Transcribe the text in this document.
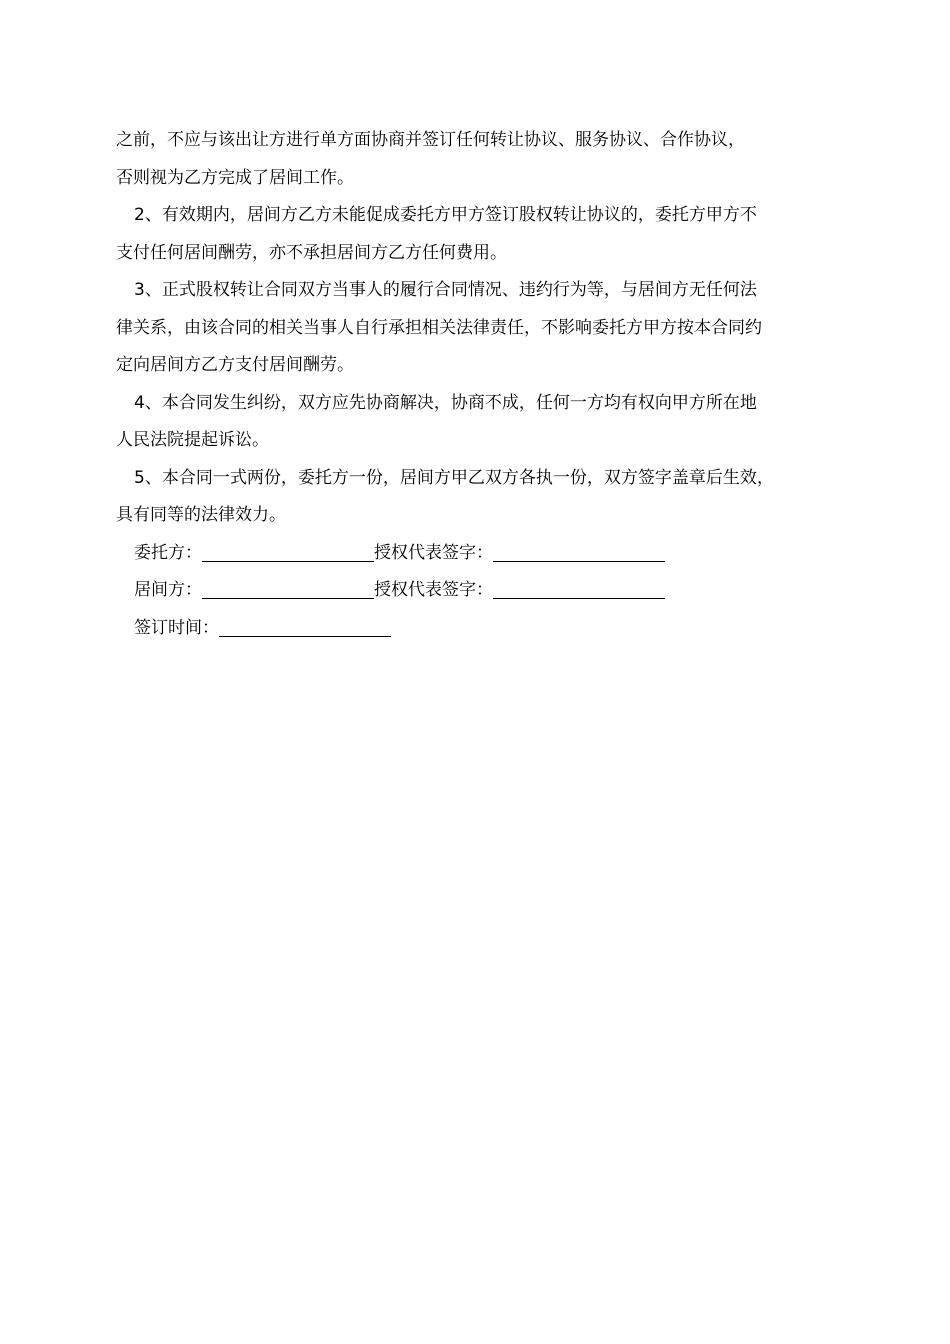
之前，不应与该出让方进行单方面协商并签订任何转让协议、服务协议、合作协议，
否则视为乙方完成了居间工作。
2、有效期内，居间方乙方未能促成委托方甲方签订股权转让协议的，委托方甲方不
支付任何居间酬劳，亦不承担居间方乙方任何费用。
3、正式股权转让合同双方当事人的履行合同情况、违约行为等，与居间方无任何法
律关系，由该合同的相关当事人自行承担相关法律责任，不影响委托方甲方按本合同约
定向居间方乙方支付居间酬劳。
4、本合同发生纠纷，双方应先协商解决，协商不成，任何一方均有权向甲方所在地
人民法院提起诉讼。
5、本合同一式两份，委托方一份，居间方甲乙双方各执一份，双方签字盖章后生效，
具有同等的法律效力。
委托方：	授权代表签字：
居间方：	授权代表签字：
签订时间：
